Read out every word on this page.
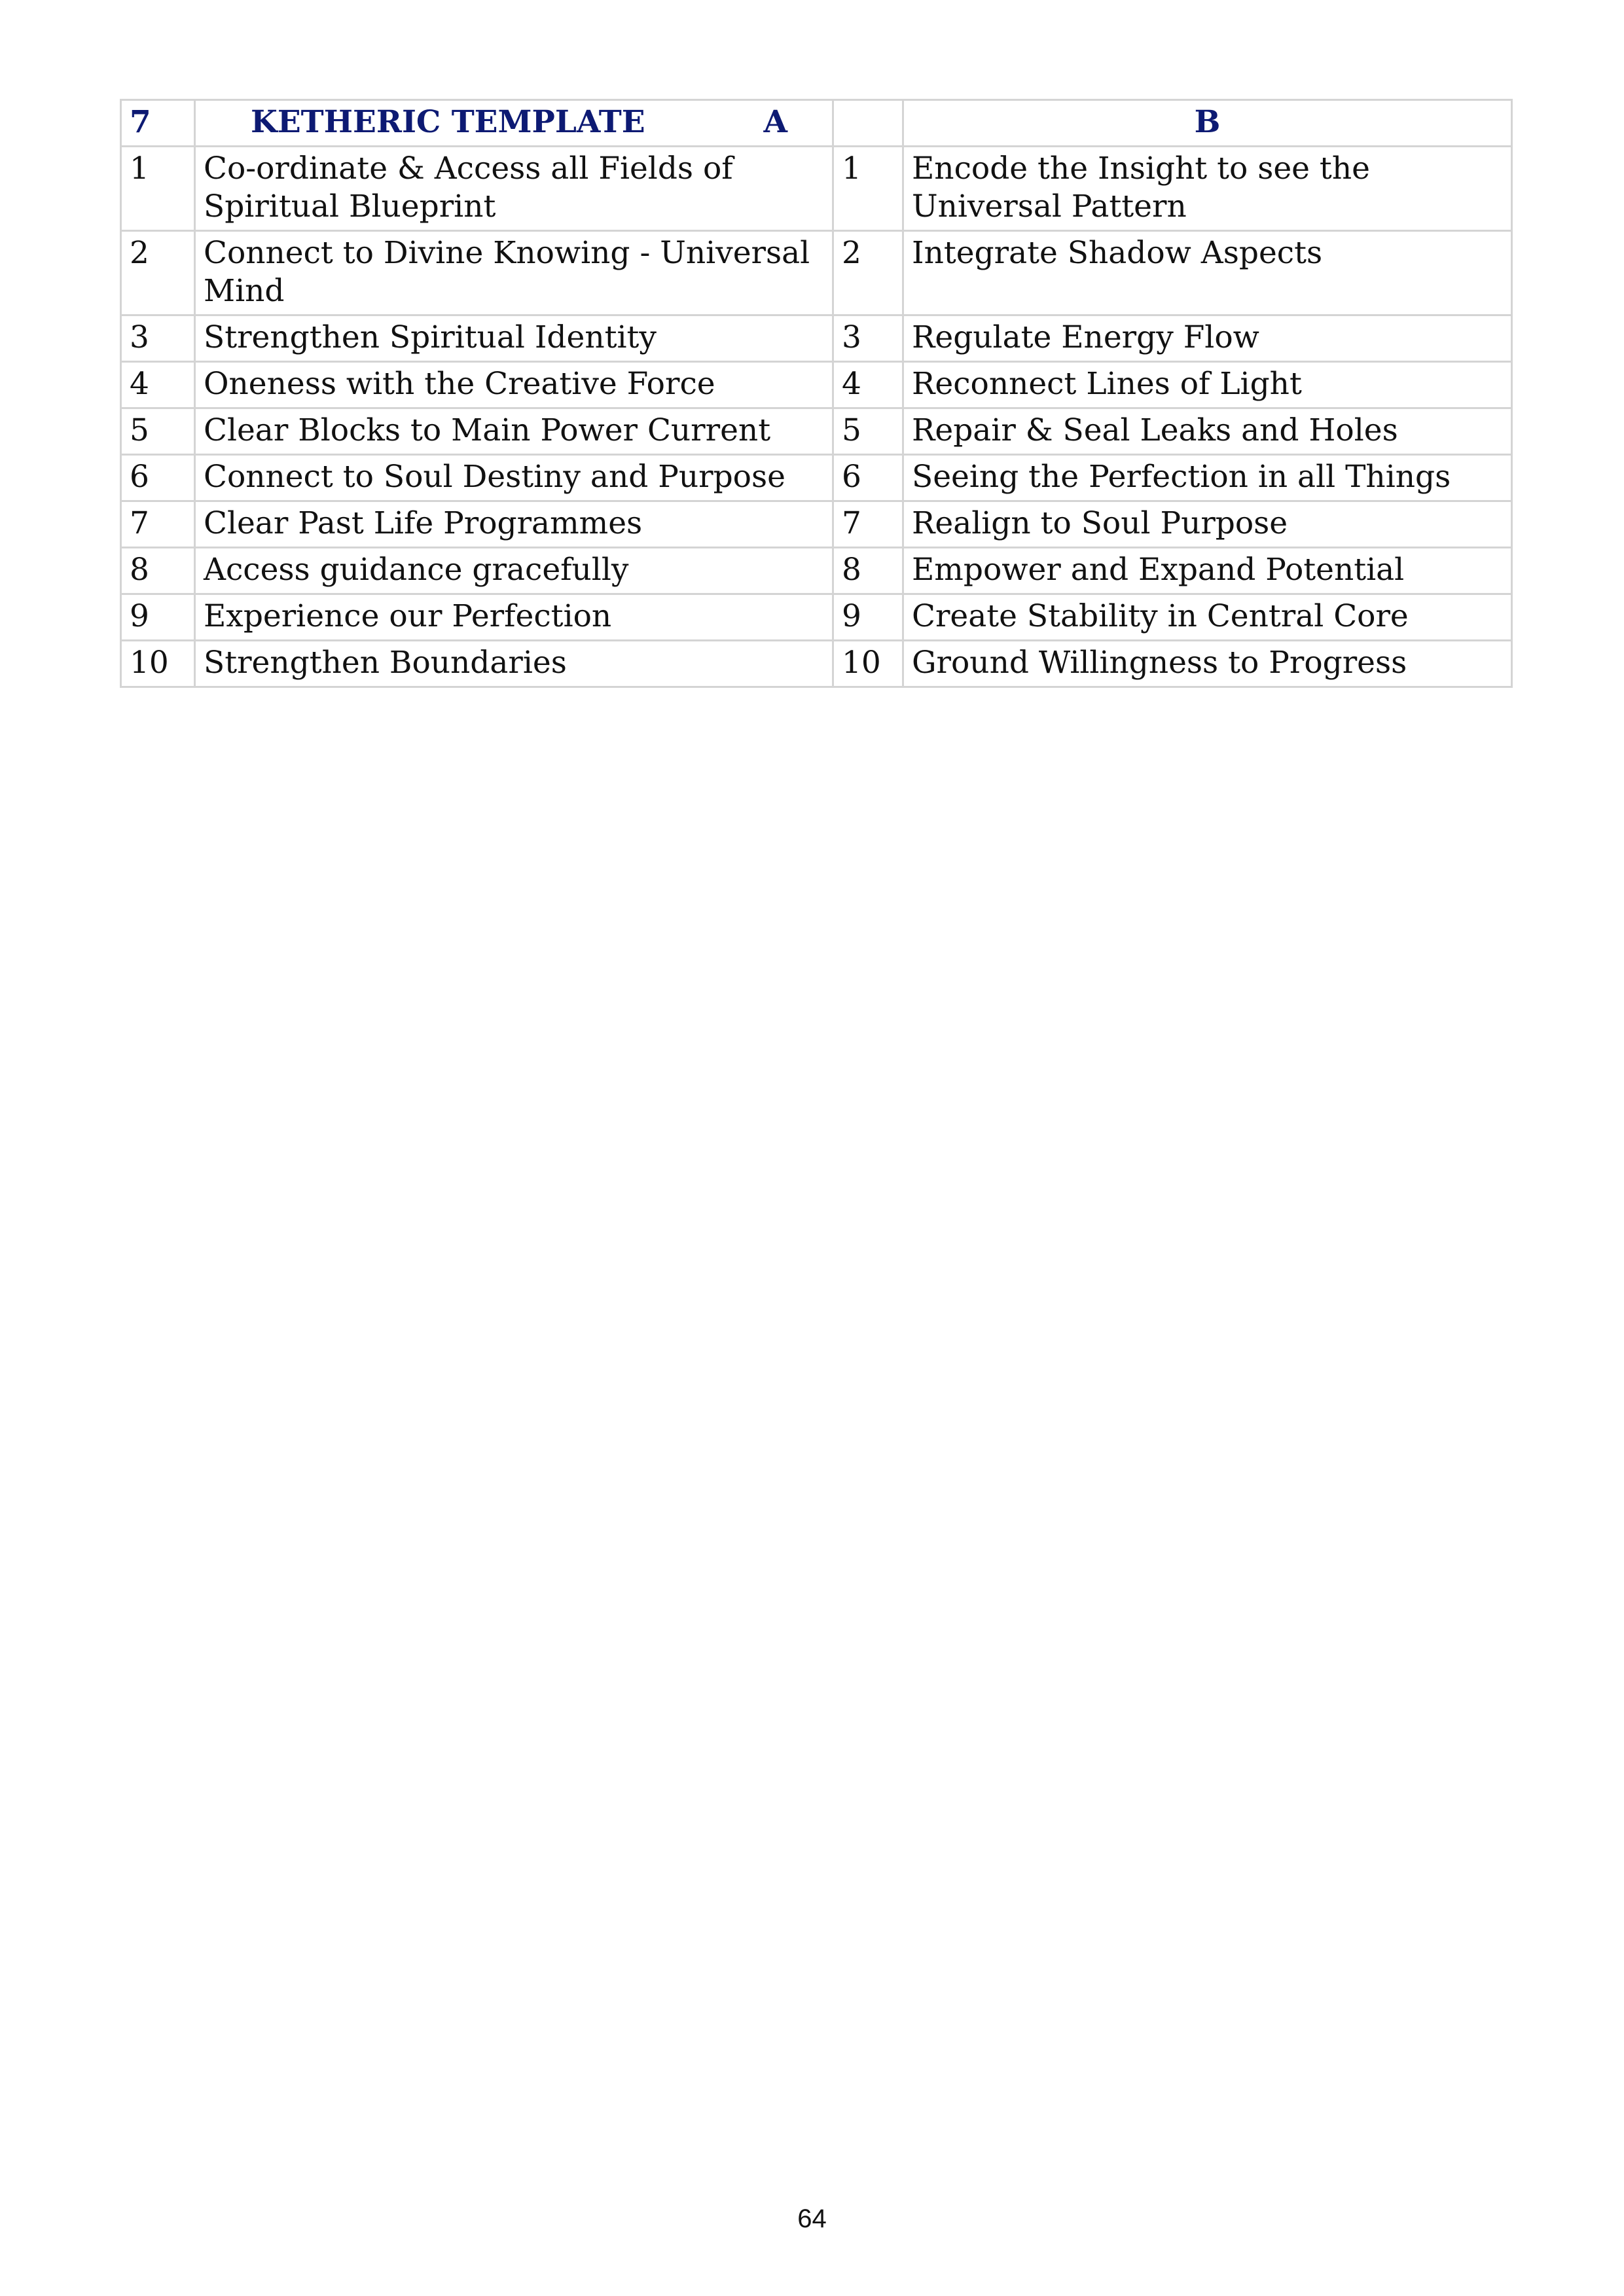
7	KETHERIC TEMPLATE A		B
1	Co-ordinate & Access all Fields of Spiritual Blueprint	1	Encode the Insight to see the Universal Pattern
2	Connect to Divine Knowing - Universal Mind	2	Integrate Shadow Aspects
3	Strengthen Spiritual Identity	3	Regulate Energy Flow
4	Oneness with the Creative Force	4	Reconnect Lines of Light
5	Clear Blocks to Main Power Current	5	Repair & Seal Leaks and Holes
6	Connect to Soul Destiny and Purpose	6	Seeing the Perfection in all Things
7	Clear Past Life Programmes	7	Realign to Soul Purpose
8	Access guidance gracefully	8	Empower and Expand Potential
9	Experience our Perfection	9	Create Stability in Central Core
10	Strengthen Boundaries	10	Ground Willingness to Progress
64
